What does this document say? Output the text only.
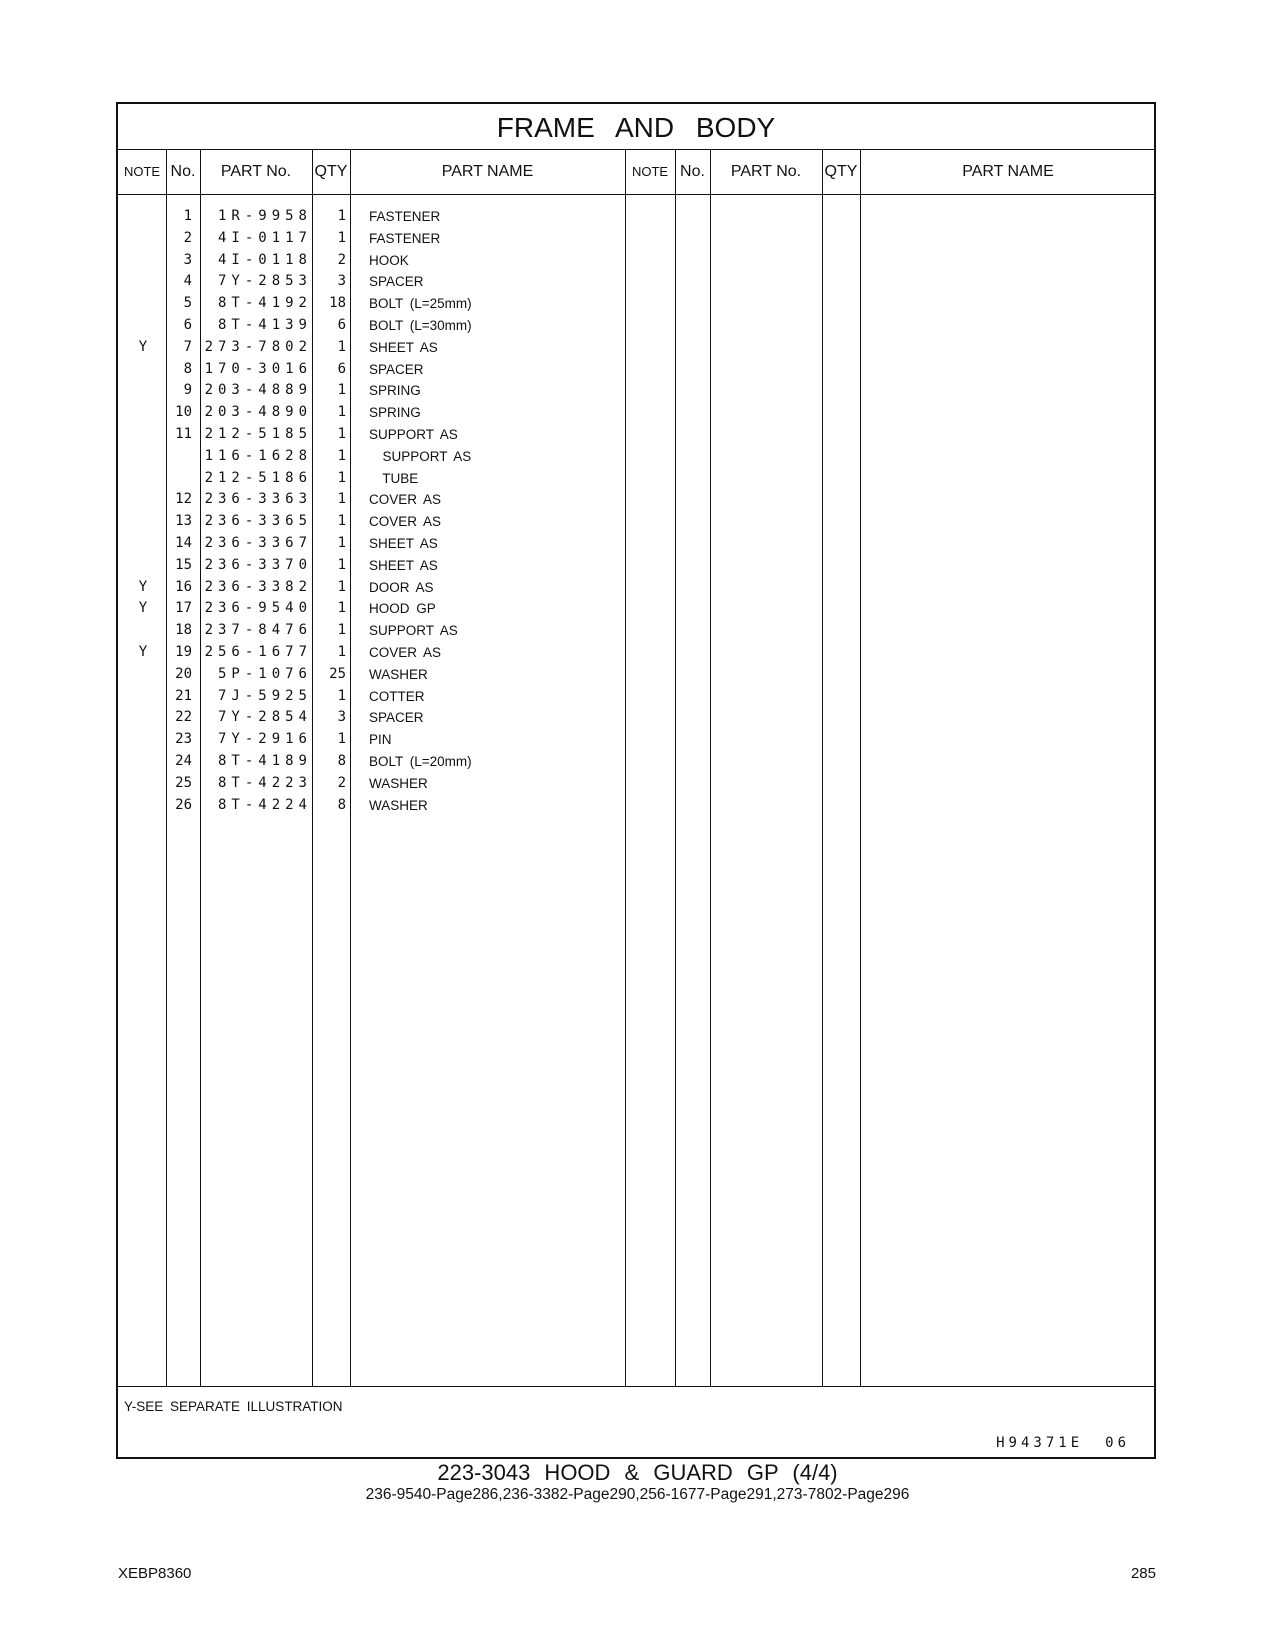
FRAME AND BODY
NOTE No.	PART No.	QTY	PART NAME	NOTE No.	PART No.	QTY	PART NAME
1	1R-9958	1 FASTENER
2	4I-0117	1 FASTENER
3	4I-0118	2 HOOK
4	7Y-2853	3 SPACER
5	8T-4192	18 BOLT (L=25mm)
6	8T-4139	6 BOLT (L=30mm)
Y	7 273-7802	1 SHEET AS
8 170-3016	6 SPACER
9 203-4889	1 SPRING
10 203-4890	1 SPRING
11 212-5185	1 SUPPORT AS
116-1628	1 SUPPORT AS
212-5186	1 TUBE
12 236-3363	1 COVER AS
13 236-3365	1 COVER AS
14 236-3367	1 SHEET AS
15 236-3370	1 SHEET AS
Y	16 236-3382	1 DOOR AS
Y	17 236-9540	1 HOOD GP
18 237-8476	1 SUPPORT AS
Y	19 256-1677	1 COVER AS
20	5P-1076	25 WASHER
21	7J-5925	1 COTTER
22	7Y-2854	3 SPACER
23	7Y-2916	1 PIN
24	8T-4189	8 BOLT (L=20mm)
25	8T-4223	2 WASHER
26	8T-4224	8 WASHER
Y-SEE SEPARATE ILLUSTRATION
H94371E 06
223-3043 HOOD & GUARD GP (4/4)
236-9540-Page286,236-3382-Page290,256-1677-Page291,273-7802-Page296
XEBP8360	285
